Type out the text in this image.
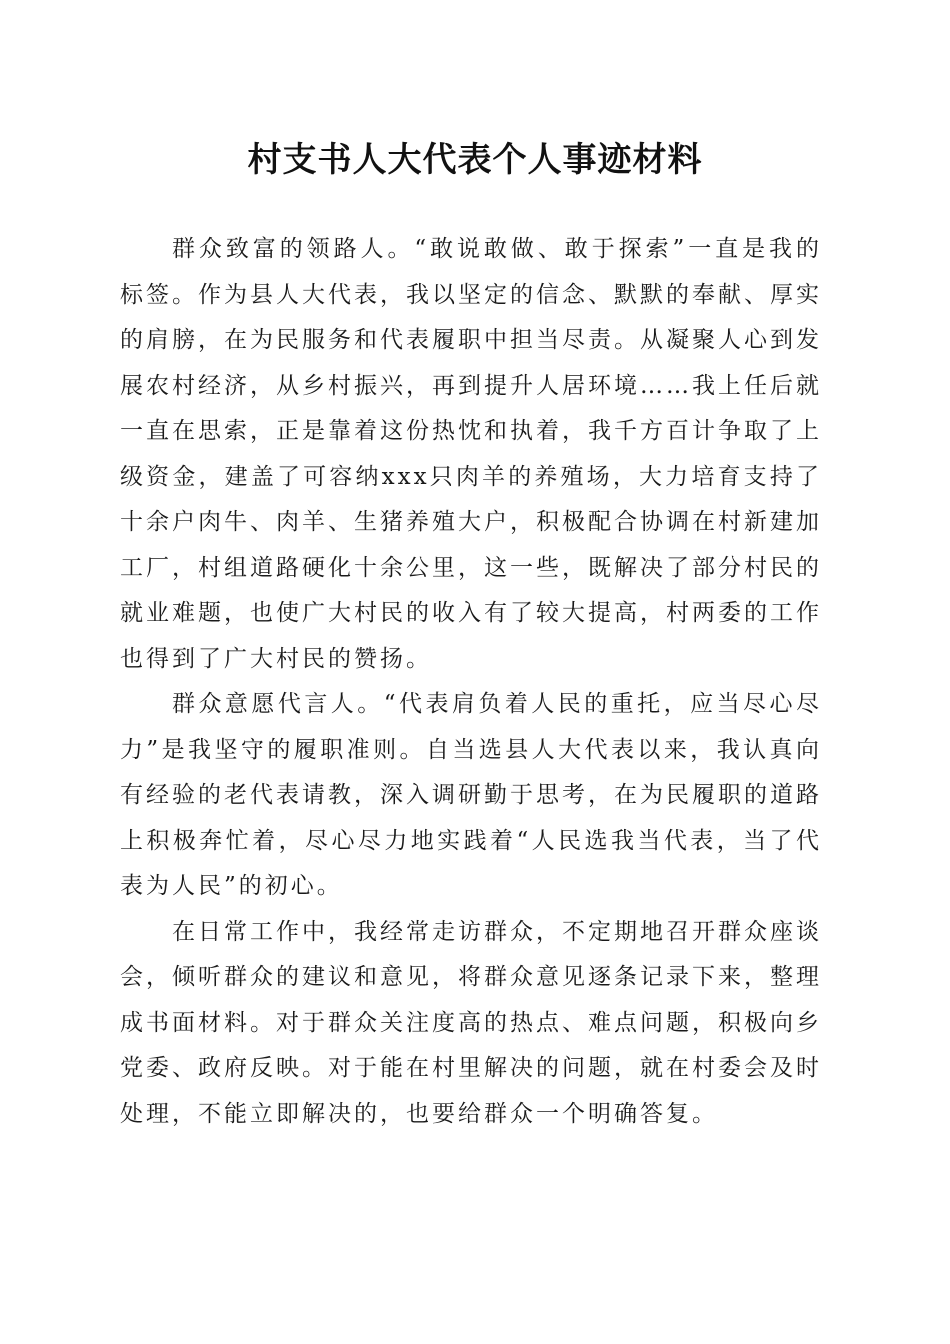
村支书人大代表个人事迹材料

群众致富的领路人。“敢说敢做、敢于探索”一直是我的标签。作为县人大代表，我以坚定的信念、默默的奉献、厚实的肩膀，在为民服务和代表履职中担当尽责。从凝聚人心到发展农村经济，从乡村振兴，再到提升人居环境……我上任后就一直在思索，正是靠着这份热忱和执着，我千方百计争取了上级资金，建盖了可容纳xxx只肉羊的养殖场，大力培育支持了十余户肉牛、肉羊、生猪养殖大户，积极配合协调在村新建加工厂，村组道路硬化十余公里，这一些，既解决了部分村民的就业难题，也使广大村民的收入有了较大提高，村两委的工作也得到了广大村民的赞扬。

群众意愿代言人。“代表肩负着人民的重托，应当尽心尽力”是我坚守的履职准则。自当选县人大代表以来，我认真向有经验的老代表请教，深入调研勤于思考，在为民履职的道路上积极奔忙着，尽心尽力地实践着“人民选我当代表，当了代表为人民”的初心。

在日常工作中，我经常走访群众，不定期地召开群众座谈会，倾听群众的建议和意见，将群众意见逐条记录下来，整理成书面材料。对于群众关注度高的热点、难点问题，积极向乡党委、政府反映。对于能在村里解决的问题，就在村委会及时处理，不能立即解决的，也要给群众一个明确答复。
